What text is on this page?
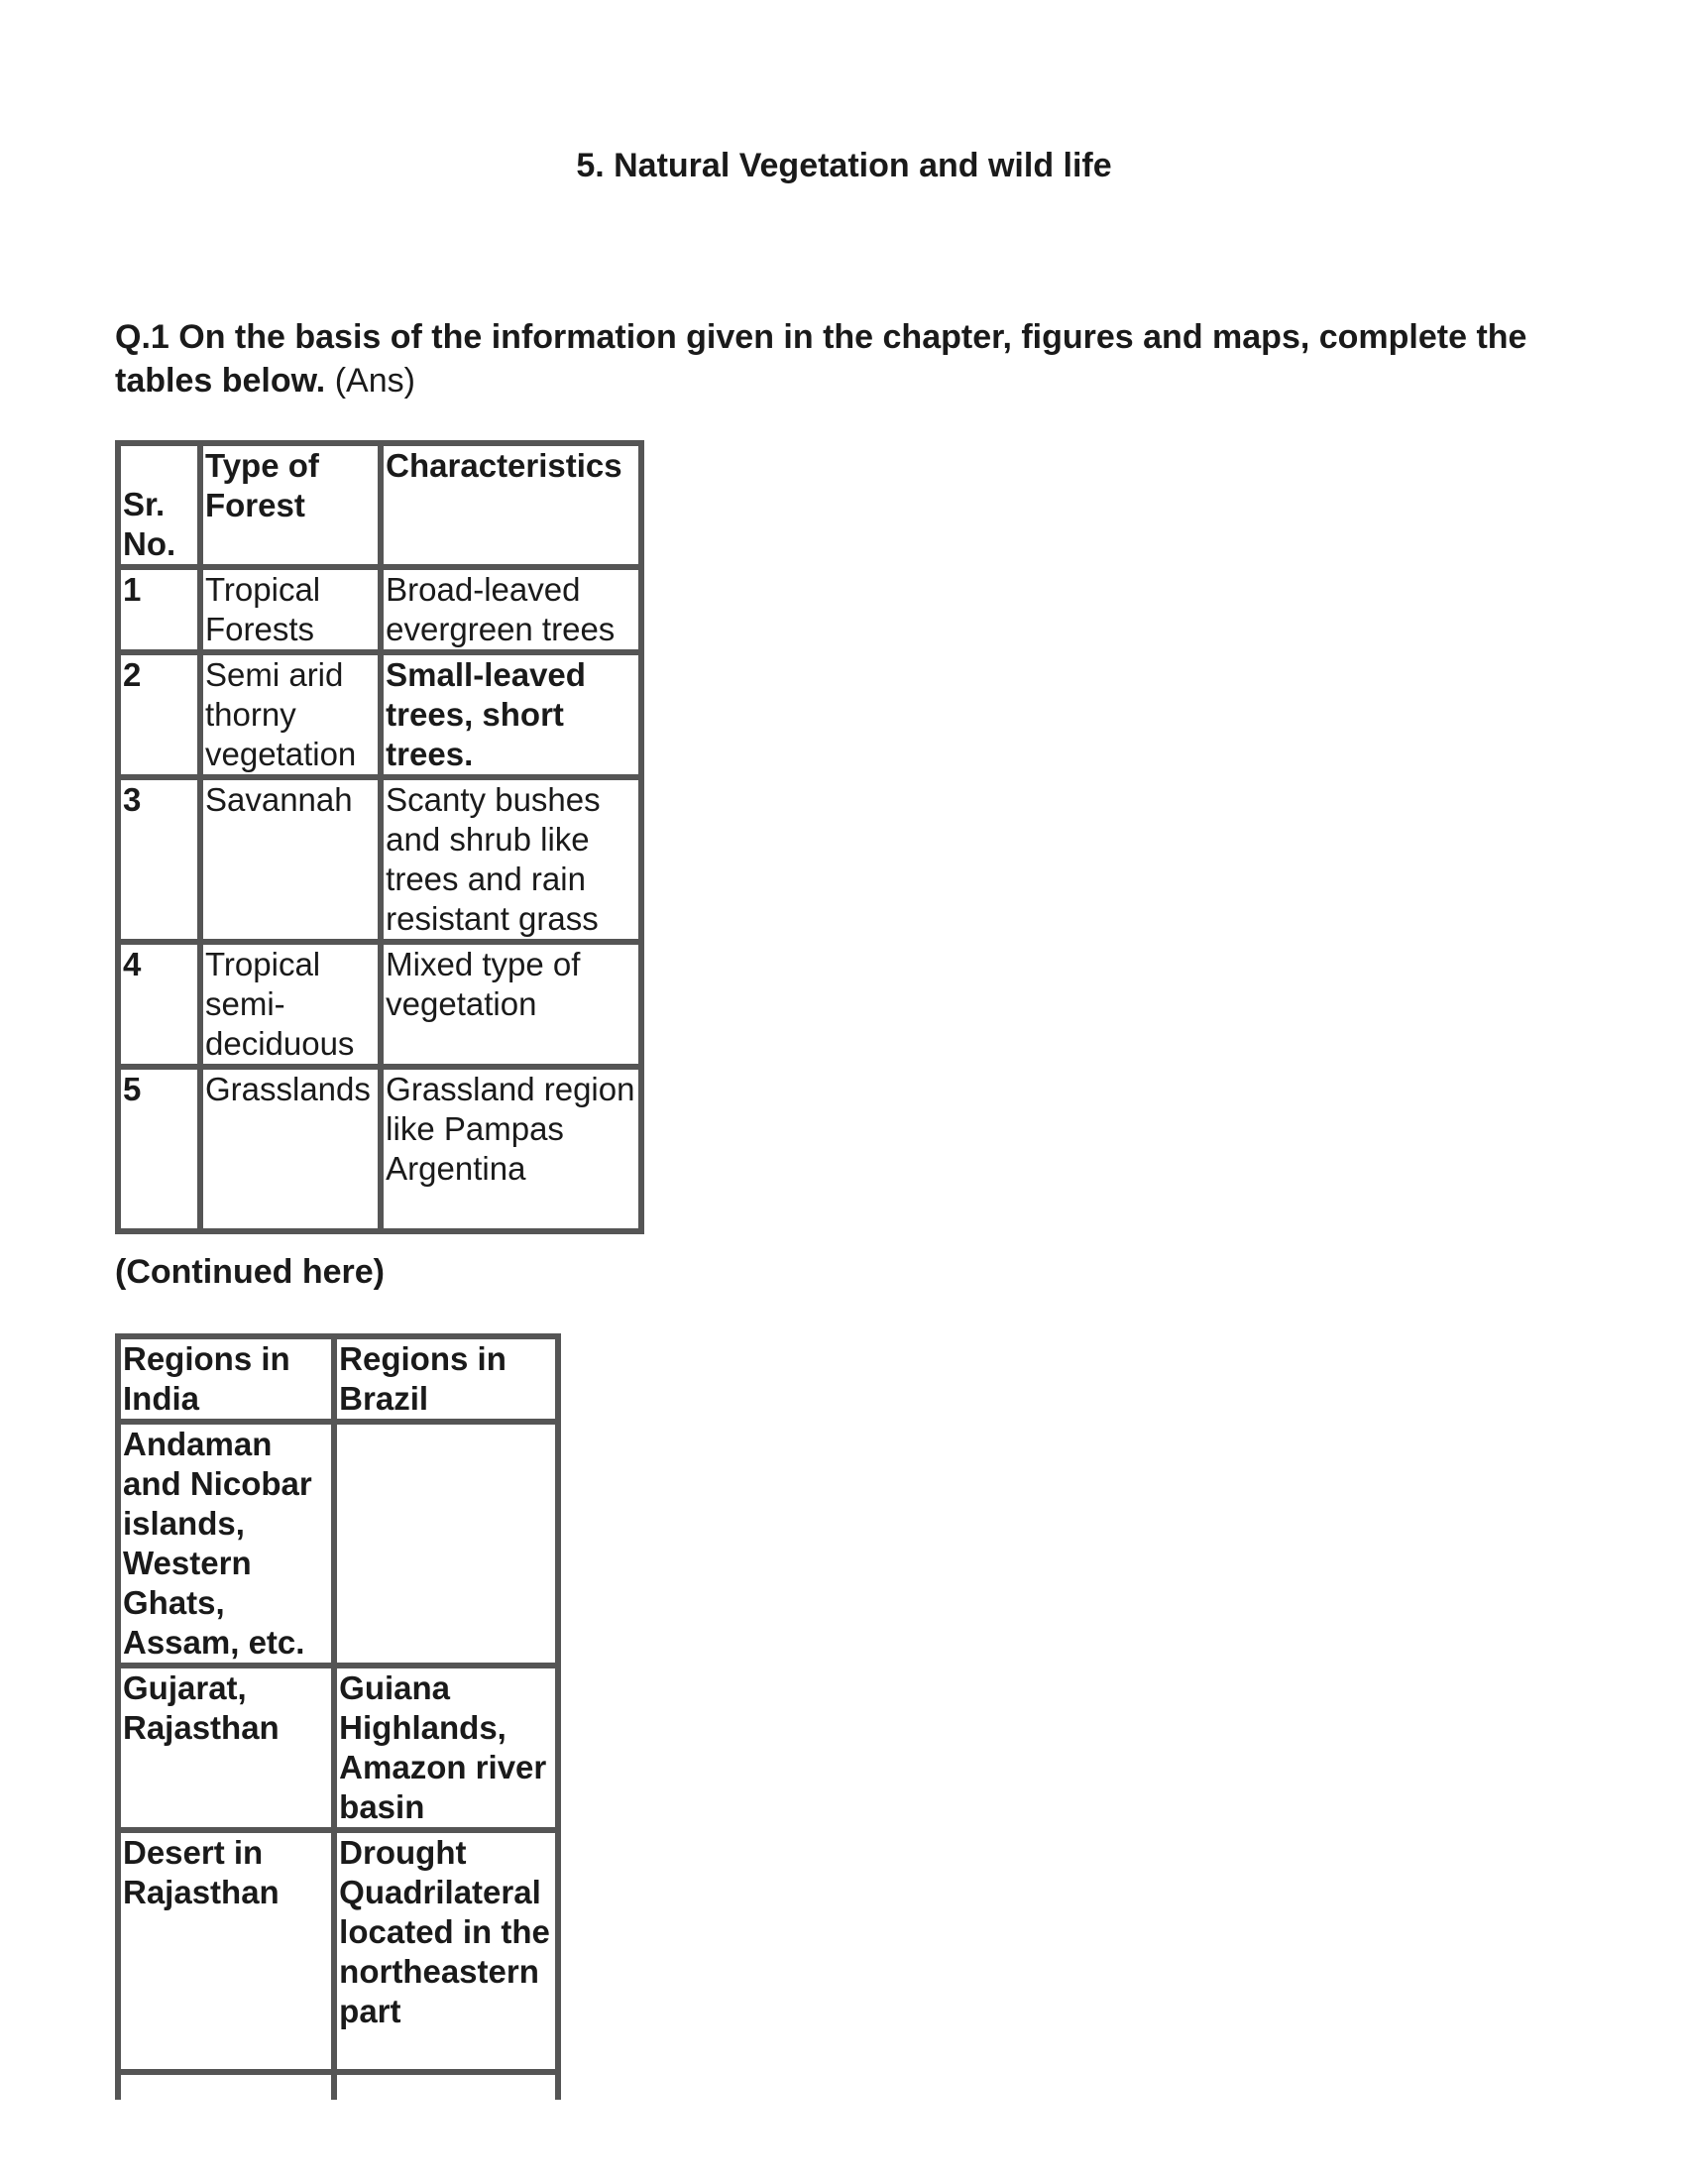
5. Natural Vegetation and wild life

Q.1 On the basis of the information given in the chapter, figures and maps, complete the tables below. (Ans)

Sr. No.	Type of Forest	Characteristics
1	Tropical Forests	Broad-leaved evergreen trees
2	Semi arid thorny vegetation	Small-leaved trees, short trees.
3	Savannah	Scanty bushes and shrub like trees and rain resistant grass
4	Tropical semi-deciduous	Mixed type of vegetation
5	Grasslands	Grassland region like Pampas Argentina

(Continued here)

Regions in India	Regions in Brazil
Andaman and Nicobar islands, Western Ghats, Assam, etc.	
Gujarat, Rajasthan	Guiana Highlands, Amazon river basin
Desert in Rajasthan	Drought Quadrilateral located in the northeastern part
